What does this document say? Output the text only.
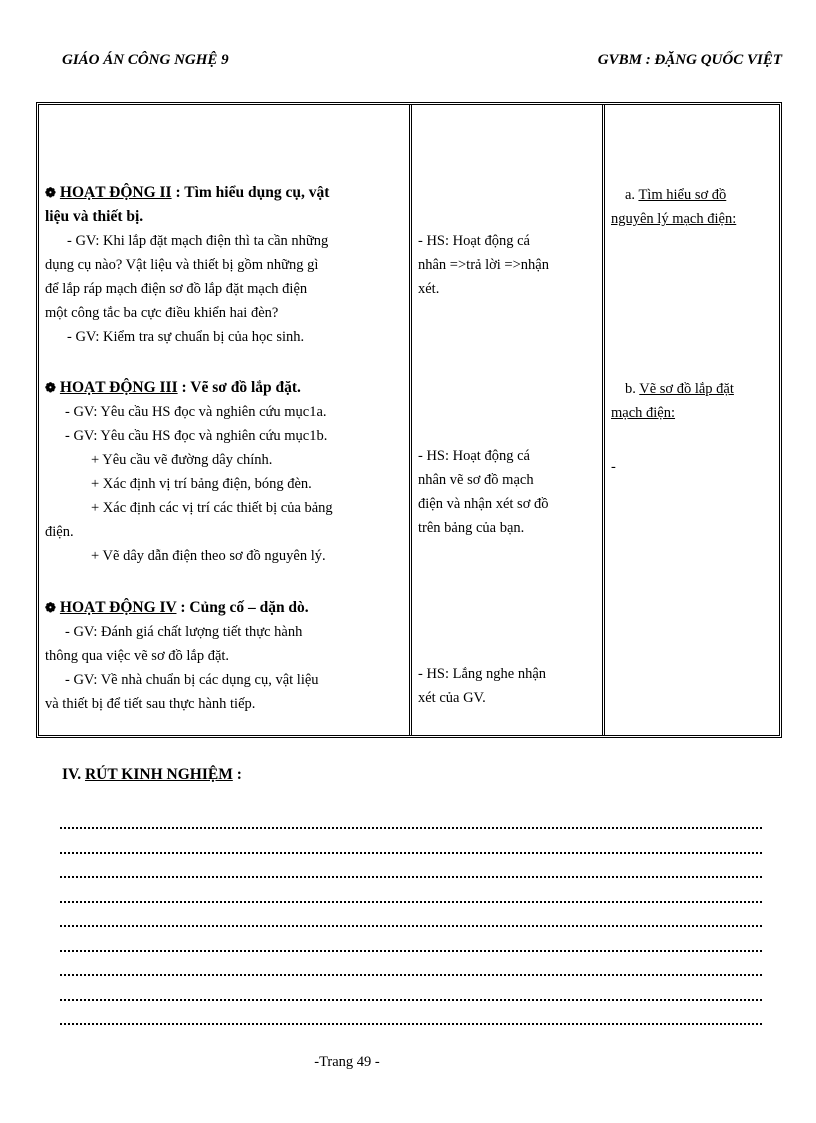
GIÁO ÁN CÔNG NGHỆ 9	GVBM : ĐẶNG QUỐC VIỆT
❁ HOẠT ĐỘNG II : Tìm hiểu dụng cụ, vật
liệu và thiết bị.
- GV: Khi lắp đặt mạch điện thì ta cần những
dụng cụ nào? Vật liệu và thiết bị gồm những gì
để lắp ráp mạch điện sơ đồ lắp đặt mạch điện
một công tắc ba cực điều khiển hai đèn?
- GV: Kiểm tra sự chuẩn bị của học sinh.
❁ HOẠT ĐỘNG III : Vẽ sơ đồ lắp đặt.
- GV: Yêu cầu HS đọc và nghiên cứu mục1a.
- GV: Yêu cầu HS đọc và nghiên cứu mục1b.
+ Yêu cầu vẽ đường dây chính.
+ Xác định vị trí bảng điện, bóng đèn.
+ Xác định các vị trí các thiết bị của bảng
điện.
+ Vẽ dây dẫn điện theo sơ đồ nguyên lý.
❁ HOẠT ĐỘNG IV : Củng cố – dặn dò.
- GV: Đánh giá chất lượng tiết thực hành
thông qua việc vẽ sơ đồ lắp đặt.
- GV: Về nhà chuẩn bị các dụng cụ, vật liệu
và thiết bị để tiết sau thực hành tiếp.
- HS: Hoạt động cá
nhân =>trả lời =>nhận
xét.
- HS: Hoạt động cá
nhân vẽ sơ đồ mạch
điện và nhận xét sơ đồ
trên bảng của bạn.
- HS: Lắng nghe nhận
xét của GV.
a. Tìm hiểu sơ đồ
nguyên lý mạch điện:
b. Vẽ sơ đồ lắp đặt
mạch điện:
-
IV. RÚT KINH NGHIỆM :
-Trang 49 -
